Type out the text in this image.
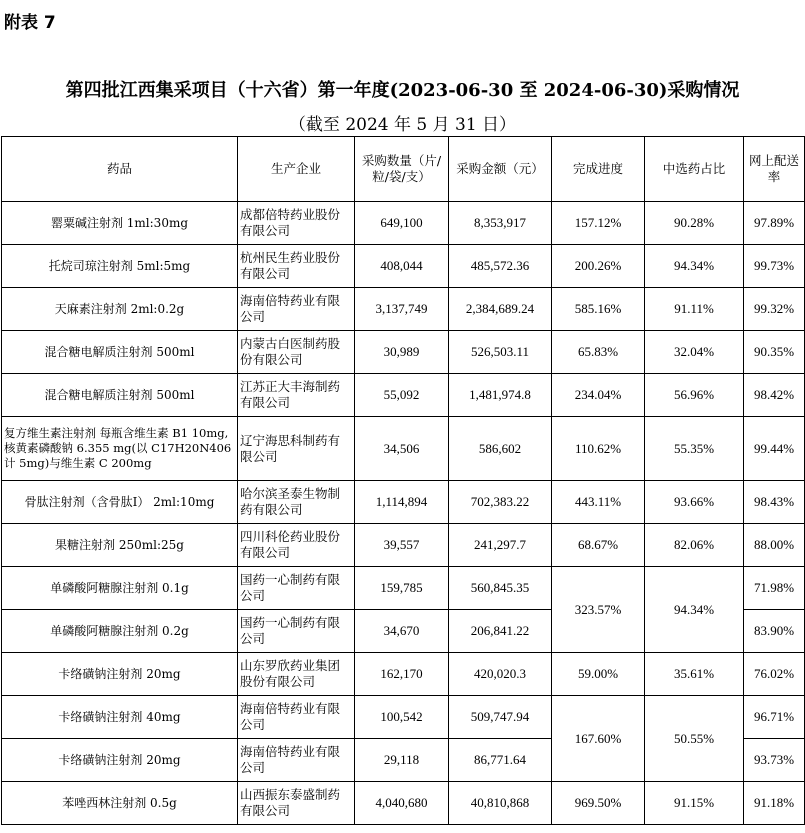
附表 7
第四批江西集采项目（十六省）第一年度(2023-06-30 至 2024-06-30)采购情况
（截至 2024 年 5 月 31 日）
药品	生产企业	采购数量（片/粒/袋/支）	采购金额（元）	完成进度	中选药占比	网上配送率
罂粟碱注射剂 1ml:30mg	成都倍特药业股份有限公司	649,100	8,353,917	157.12%	90.28%	97.89%
托烷司琼注射剂 5ml:5mg	杭州民生药业股份有限公司	408,044	485,572.36	200.26%	94.34%	99.73%
天麻素注射剂 2ml:0.2g	海南倍特药业有限公司	3,137,749	2,384,689.24	585.16%	91.11%	99.32%
混合糖电解质注射剂 500ml	内蒙古白医制药股份有限公司	30,989	526,503.11	65.83%	32.04%	90.35%
混合糖电解质注射剂 500ml	江苏正大丰海制药有限公司	55,092	1,481,974.8	234.04%	56.96%	98.42%
复方维生素注射剂 每瓶含维生素 B1 10mg,核黄素磷酸钠 6.355 mg(以 C17H20N406 计 5mg)与维生素 C 200mg	辽宁海思科制药有限公司	34,506	586,602	110.62%	55.35%	99.44%
骨肽注射剂（含骨肽Ⅰ） 2ml:10mg	哈尔滨圣泰生物制药有限公司	1,114,894	702,383.22	443.11%	93.66%	98.43%
果糖注射剂 250ml:25g	四川科伦药业股份有限公司	39,557	241,297.7	68.67%	82.06%	88.00%
单磷酸阿糖腺注射剂 0.1g	国药一心制药有限公司	159,785	560,845.35	323.57%	94.34%	71.98%
单磷酸阿糖腺注射剂 0.2g	国药一心制药有限公司	34,670	206,841.22			83.90%
卡络磺钠注射剂 20mg	山东罗欣药业集团股份有限公司	162,170	420,020.3	59.00%	35.61%	76.02%
卡络磺钠注射剂 40mg	海南倍特药业有限公司	100,542	509,747.94	167.60%	50.55%	96.71%
卡络磺钠注射剂 20mg	海南倍特药业有限公司	29,118	86,771.64			93.73%
苯唑西林注射剂 0.5g	山西振东泰盛制药有限公司	4,040,680	40,810,868	969.50%	91.15%	91.18%
